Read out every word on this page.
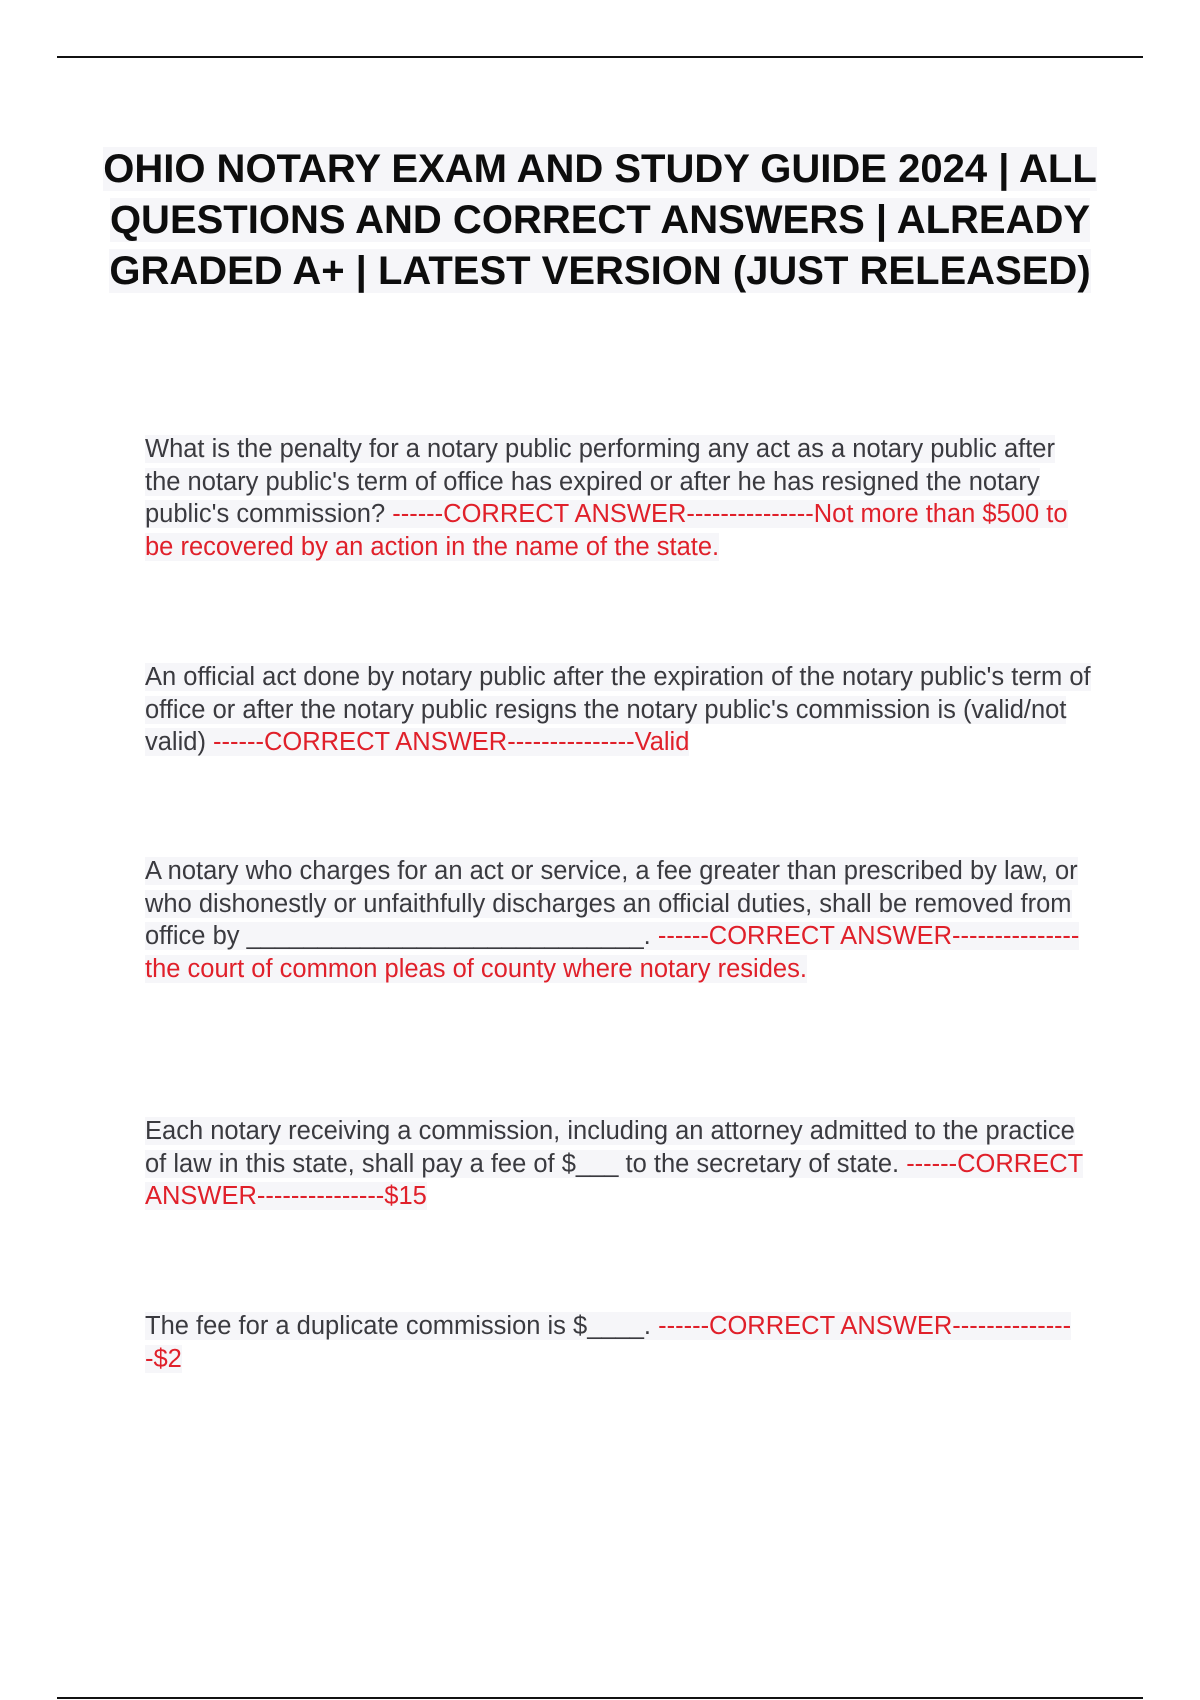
OHIO NOTARY EXAM AND STUDY GUIDE 2024 | ALL QUESTIONS AND CORRECT ANSWERS | ALREADY GRADED A+ | LATEST VERSION (JUST RELEASED)

What is the penalty for a notary public performing any act as a notary public after the notary public's term of office has expired or after he has resigned the notary public's commission? ------CORRECT ANSWER---------------Not more than $500 to be recovered by an action in the name of the state.

An official act done by notary public after the expiration of the notary public's term of office or after the notary public resigns the notary public's commission is (valid/not valid) ------CORRECT ANSWER---------------Valid

A notary who charges for an act or service, a fee greater than prescribed by law, or who dishonestly or unfaithfully discharges an official duties, shall be removed from office by ____________________________. ------CORRECT ANSWER---------------the court of common pleas of county where notary resides.

Each notary receiving a commission, including an attorney admitted to the practice of law in this state, shall pay a fee of $___ to the secretary of state. ------CORRECT ANSWER---------------$15

The fee for a duplicate commission is $____. ------CORRECT ANSWER---------------$2
